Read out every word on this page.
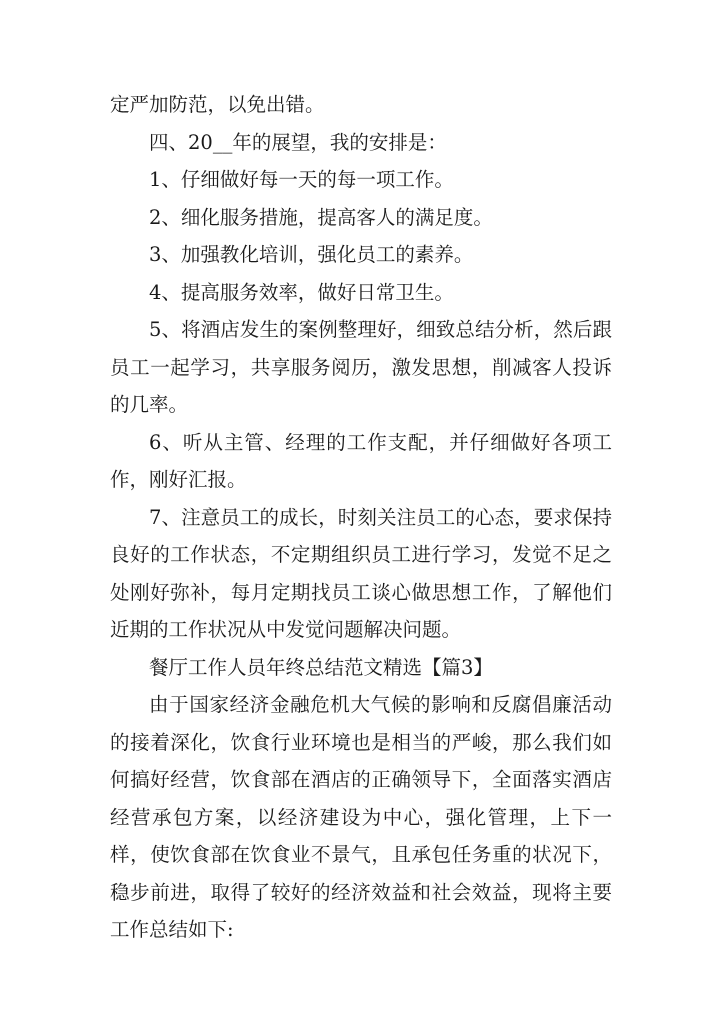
定严加防范，以免出错。

四、20__年的展望，我的安排是：

1、仔细做好每一天的每一项工作。

2、细化服务措施，提高客人的满足度。

3、加强教化培训，强化员工的素养。

4、提高服务效率，做好日常卫生。

5、将酒店发生的案例整理好，细致总结分析，然后跟员工一起学习，共享服务阅历，激发思想，削减客人投诉的几率。

6、听从主管、经理的工作支配，并仔细做好各项工作，刚好汇报。

7、注意员工的成长，时刻关注员工的心态，要求保持良好的工作状态，不定期组织员工进行学习，发觉不足之处刚好弥补，每月定期找员工谈心做思想工作，了解他们近期的工作状况从中发觉问题解决问题。

餐厅工作人员年终总结范文精选【篇3】

由于国家经济金融危机大气候的影响和反腐倡廉活动的接着深化，饮食行业环境也是相当的严峻，那么我们如何搞好经营，饮食部在酒店的正确领导下，全面落实酒店经营承包方案，以经济建设为中心，强化管理，上下一样，使饮食部在饮食业不景气，且承包任务重的状况下，稳步前进，取得了较好的经济效益和社会效益，现将主要工作总结如下:
